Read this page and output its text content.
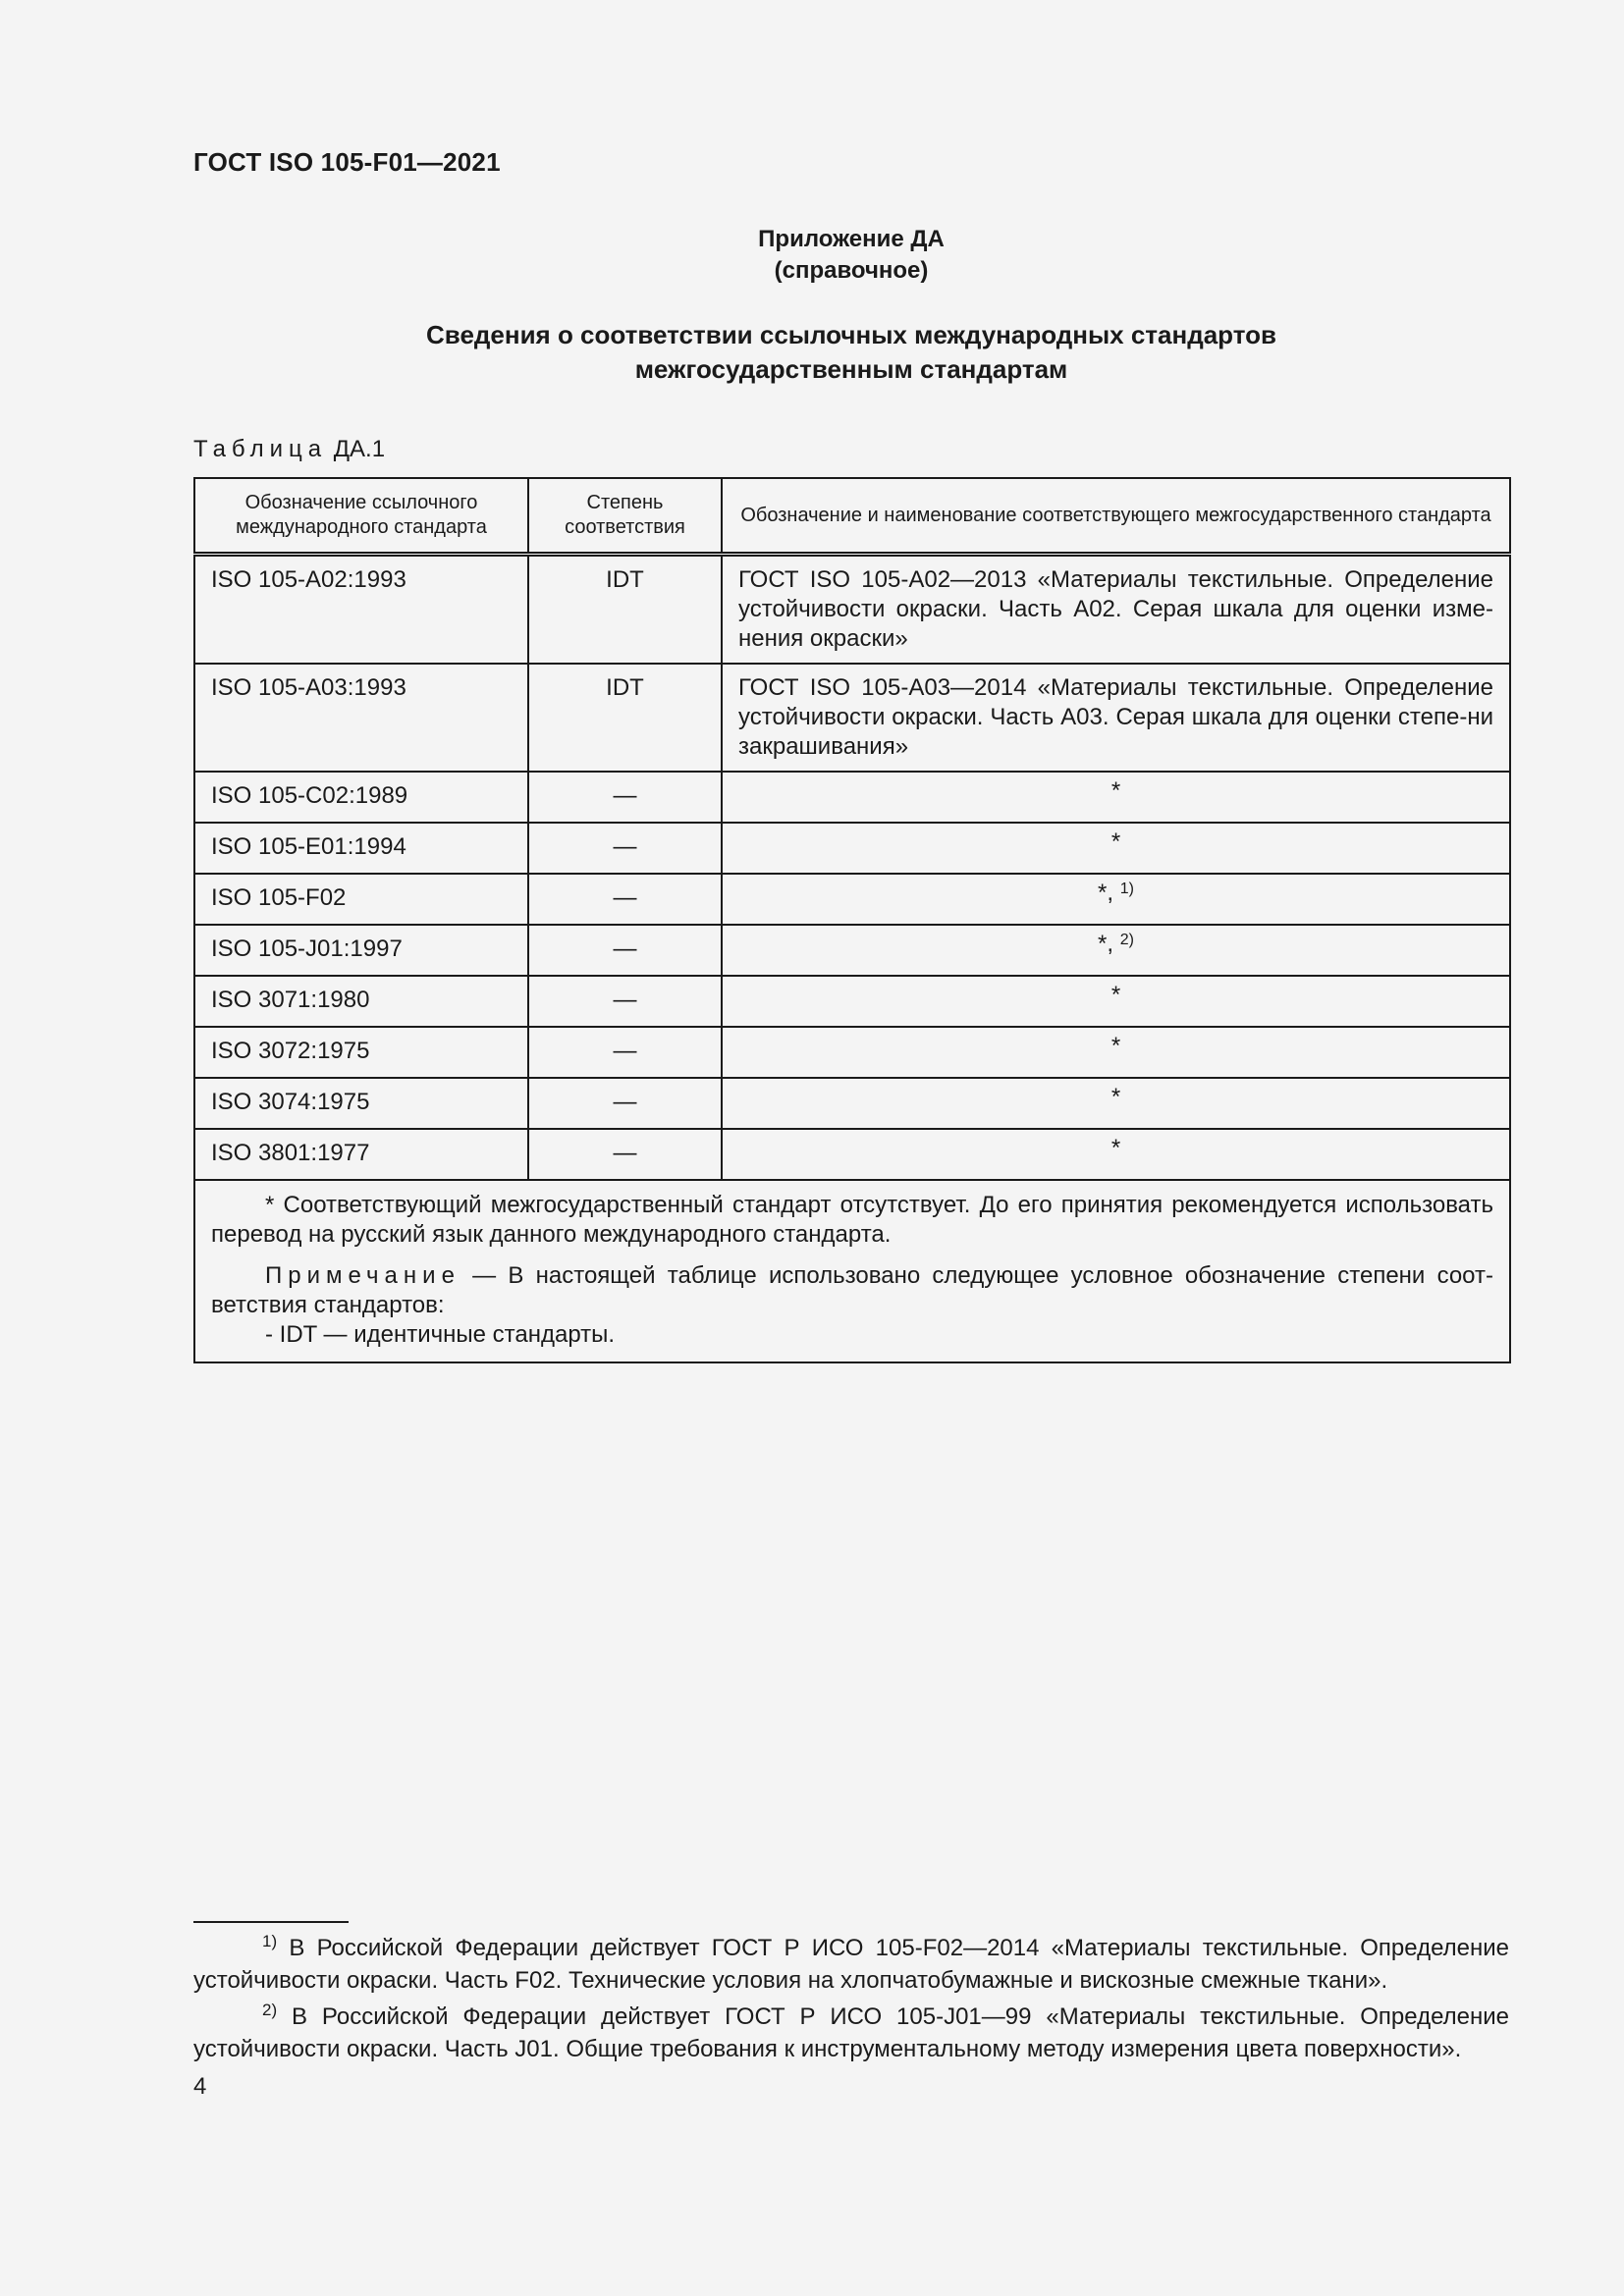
ГОСТ ISO 105-F01—2021
Приложение ДА
(справочное)
Сведения о соответствии ссылочных международных стандартов
межгосударственным стандартам
Таблица ДА.1
Обозначение ссылочного международного стандарта	Степень соответствия	Обозначение и наименование соответствующего межгосударственного стандарта
ISO 105-A02:1993	IDT	ГОСТ ISO 105-A02—2013 «Материалы текстильные. Определение устойчивости окраски. Часть A02. Серая шкала для оценки изме-нения окраски»
ISO 105-A03:1993	IDT	ГОСТ ISO 105-A03—2014 «Материалы текстильные. Определение устойчивости окраски. Часть A03. Серая шкала для оценки степе-ни закрашивания»
ISO 105-C02:1989	—	*
ISO 105-E01:1994	—	*
ISO 105-F02	—	*, $^{1)}$
ISO 105-J01:1997	—	*, $^{2)}$
ISO 3071:1980	—	*
ISO 3072:1975	—	*
ISO 3074:1975	—	*
ISO 3801:1977	—	*

* Соответствующий межгосударственный стандарт отсутствует. До его принятия рекомендуется использовать перевод на русский язык данного международного стандарта.

Примечание — В настоящей таблице использовано следующее условное обозначение степени соот-ветствия стандартов:

- IDT — идентичные стандарты.		

$^{1)}$ В Российской Федерации действует ГОСТ Р ИСО 105-F02—2014 «Материалы текстильные. Определение устойчивости окраски. Часть F02. Технические условия на хлопчатобумажные и вискозные смежные ткани».

$^{2)}$ В Российской Федерации действует ГОСТ Р ИСО 105-J01—99 «Материалы текстильные. Определение устойчивости окраски. Часть J01. Общие требования к инструментальному методу измерения цвета поверхности».

4
